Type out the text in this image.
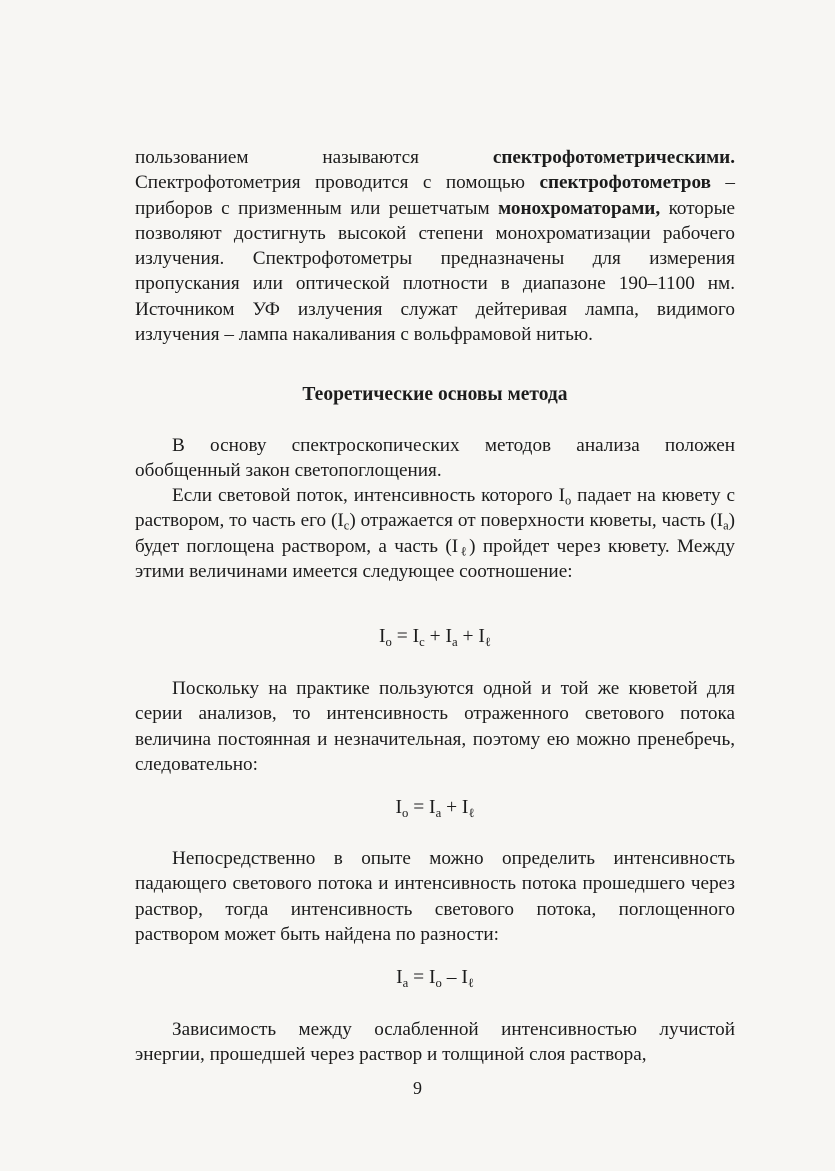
пользованием называются спектрофотометрическими. Спектрофотометрия проводится с помощью спектрофотометров – приборов с призменным или решетчатым монохроматорами, которые позволяют достигнуть высокой степени монохроматизации рабочего излучения. Спектрофотометры предназначены для измерения пропускания или оптической плотности в диапазоне 190–1100 нм. Источником УФ излучения служат дейтеривая лампа, видимого излучения – лампа накаливания с вольфрамовой нитью.

Теоретические основы метода

В основу спектроскопических методов анализа положен обобщенный закон светопоглощения.

Если световой поток, интенсивность которого $I_o$ падает на кювету с раствором, то часть его $(I_c)$ отражается от поверхности кюветы, часть $(I_a)$ будет поглощена раствором, а часть $(I_\ell)$ пройдет через кювету. Между этими величинами имеется следующее соотношение:

$I_o = I_c + I_a + I_\ell$

Поскольку на практике пользуются одной и той же кюветой для серии анализов, то интенсивность отраженного светового потока величина постоянная и незначительная, поэтому ею можно пренебречь, следовательно:

$I_o = I_a + I_\ell$

Непосредственно в опыте можно определить интенсивность падающего светового потока и интенсивность потока прошедшего через раствор, тогда интенсивность светового потока, поглощенного раствором может быть найдена по разности:

$I_a = I_o - I_\ell$

Зависимость между ослабленной интенсивностью лучистой энергии, прошедшей через раствор и толщиной слоя раствора,

9
